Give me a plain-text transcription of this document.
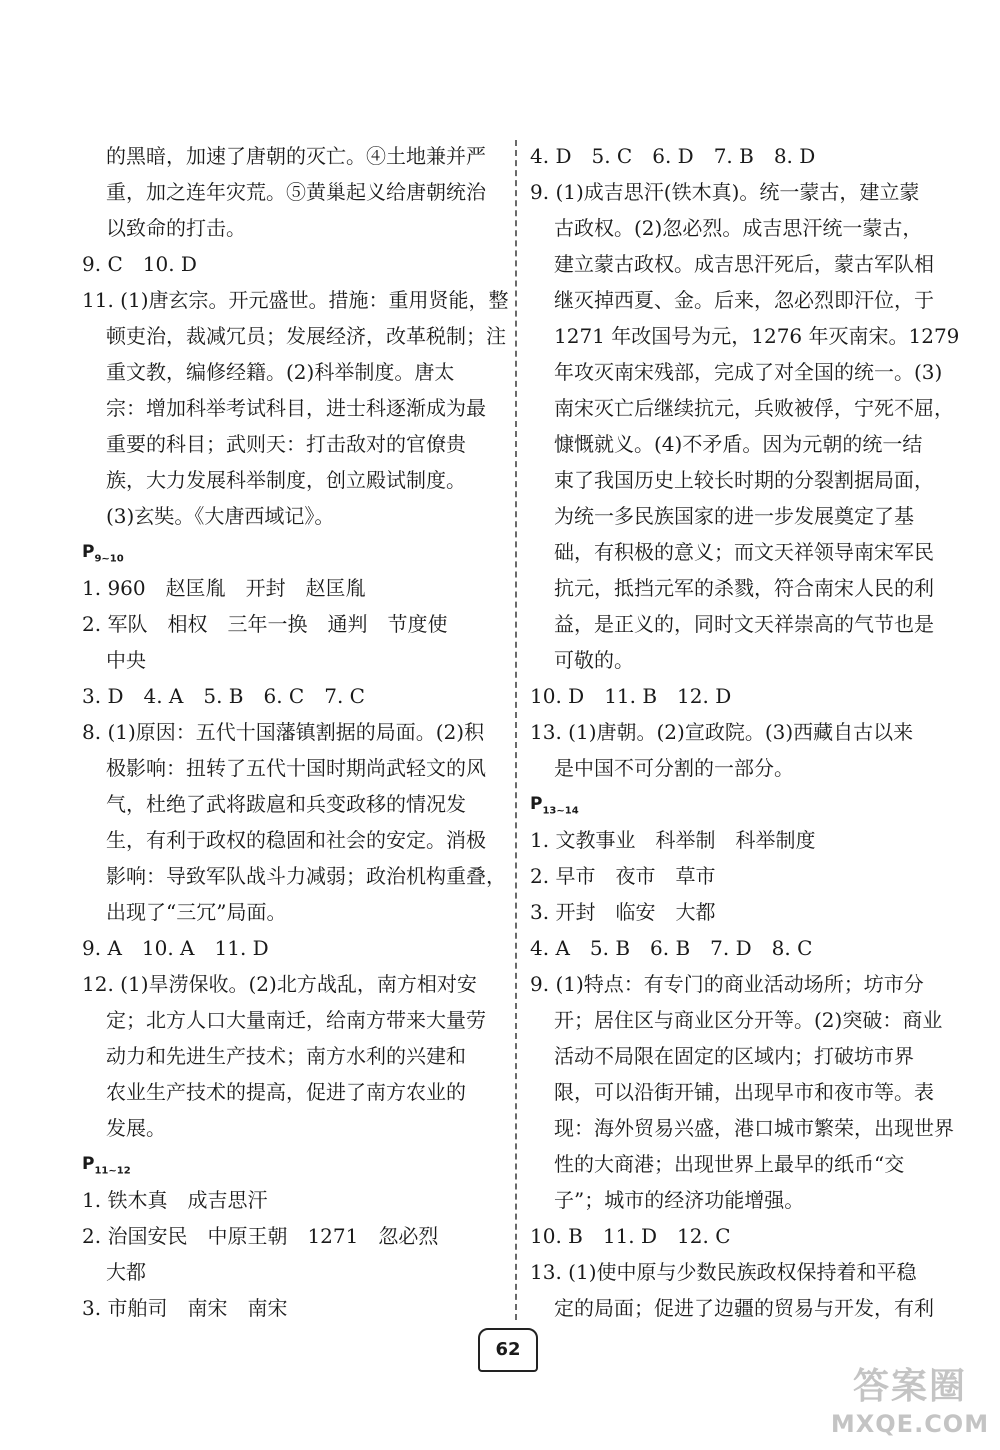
的黑暗，加速了唐朝的灭亡。④土地兼并严
重，加之连年灾荒。⑤黄巢起义给唐朝统治
以致命的打击。
9. C　10. D
11. (1)唐玄宗。开元盛世。措施：重用贤能，整
顿吏治，裁减冗员；发展经济，改革税制；注
重文教，编修经籍。(2)科举制度。唐太
宗：增加科举考试科目，进士科逐渐成为最
重要的科目；武则天：打击敌对的官僚贵
族，大力发展科举制度，创立殿试制度。
(3)玄奘。《大唐西域记》。
$P_{9\sim 10}$
1. 960　赵匡胤　开封　赵匡胤
2. 军队　相权　三年一换　通判　节度使
中央
3. D　4. A　5. B　6. C　7. C
8. (1)原因：五代十国藩镇割据的局面。(2)积
极影响：扭转了五代十国时期尚武轻文的风
气，杜绝了武将跋扈和兵变政移的情况发
生，有利于政权的稳固和社会的安定。消极
影响：导致军队战斗力减弱；政治机构重叠，
出现了“三冗”局面。
9. A　10. A　11. D
12. (1)旱涝保收。(2)北方战乱，南方相对安
定；北方人口大量南迁，给南方带来大量劳
动力和先进生产技术；南方水利的兴建和
农业生产技术的提高，促进了南方农业的
发展。
$P_{11\sim 12}$
1. 铁木真　成吉思汗
2. 治国安民　中原王朝　1271　忽必烈
大都
3. 市舶司　南宋　南宋
4. D　5. C　6. D　7. B　8. D
9. (1)成吉思汗(铁木真)。统一蒙古，建立蒙
古政权。(2)忽必烈。成吉思汗统一蒙古，
建立蒙古政权。成吉思汗死后，蒙古军队相
继灭掉西夏、金。后来，忽必烈即汗位，于
1271 年改国号为元，1276 年灭南宋。1279
年攻灭南宋残部，完成了对全国的统一。(3)
南宋灭亡后继续抗元，兵败被俘，宁死不屈，
慷慨就义。(4)不矛盾。因为元朝的统一结
束了我国历史上较长时期的分裂割据局面，
为统一多民族国家的进一步发展奠定了基
础，有积极的意义；而文天祥领导南宋军民
抗元，抵挡元军的杀戮，符合南宋人民的利
益，是正义的，同时文天祥崇高的气节也是
可敬的。
10. D　11. B　12. D
13. (1)唐朝。(2)宣政院。(3)西藏自古以来
是中国不可分割的一部分。
$P_{13\sim 14}$
1. 文教事业　科举制　科举制度
2. 早市　夜市　草市
3. 开封　临安　大都
4. A　5. B　6. B　7. D　8. C
9. (1)特点：有专门的商业活动场所；坊市分
开；居住区与商业区分开等。(2)突破：商业
活动不局限在固定的区域内；打破坊市界
限，可以沿街开铺，出现早市和夜市等。表
现：海外贸易兴盛，港口城市繁荣，出现世界
性的大商港；出现世界上最早的纸币“交
子”；城市的经济功能增强。
10. B　11. D　12. C
13. (1)使中原与少数民族政权保持着和平稳
定的局面；促进了边疆的贸易与开发，有利
62
答案圈
MXQE.COM
